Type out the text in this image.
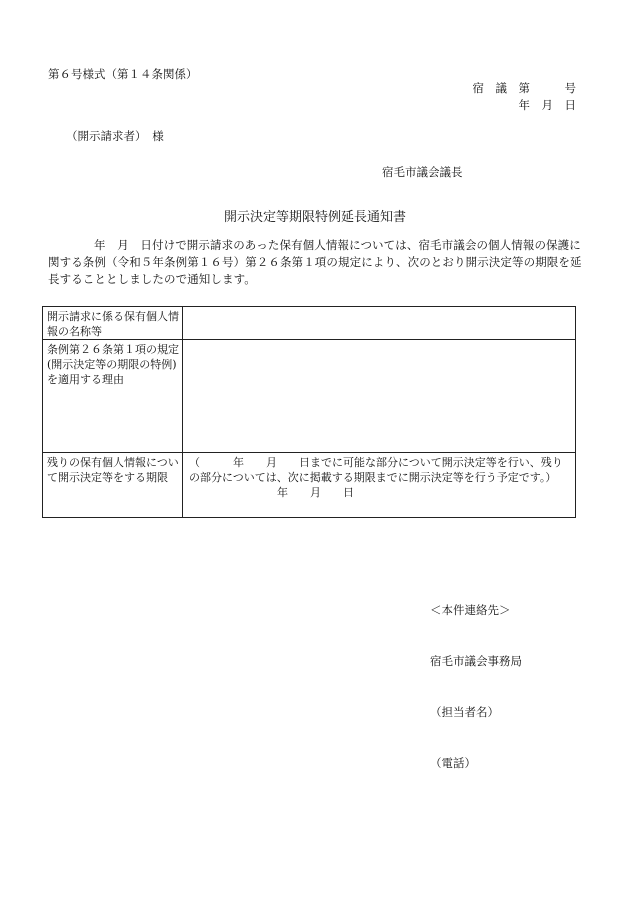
第６号様式（第１４条関係）
宿　議　第　　　号
年　月　日
（開示請求者）　様
宿毛市議会議長
開示決定等期限特例延長通知書
年　月　日付けで開示請求のあった保有個人情報については、宿毛市議会の個人情報の保護に関する条例（令和５年条例第１６号）第２６条第１項の規定により、次のとおり開示決定等の期限を延長することとしましたので通知します。
開示請求に係る保有個人情報の名称等	
条例第２６条第１項の規定(開示決定等の期限の特例)を適用する理由	
残りの保有個人情報について開示決定等をする期限	（　　　年　　月　　日までに可能な部分について開示決定等を行い、残り
の部分については、次に掲載する期限までに開示決定等を行う予定です。）
　　　　　　　　年　　月　　日

＜本件連絡先＞

宿毛市議会事務局

（担当者名）

（電話）
